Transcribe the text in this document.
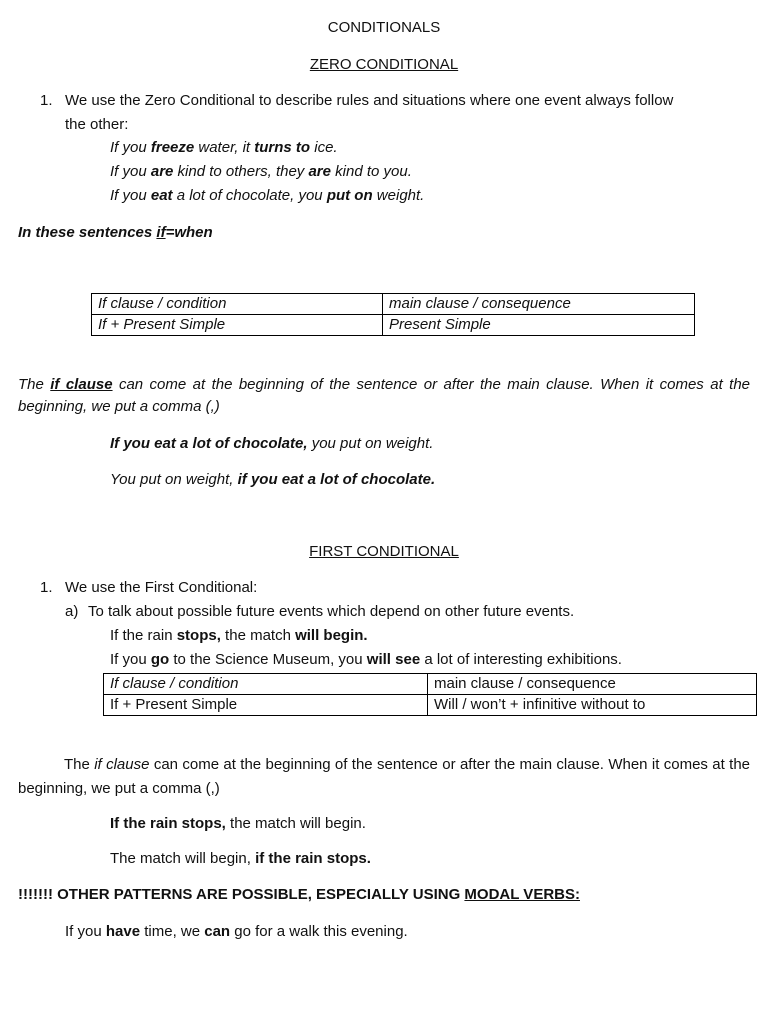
CONDITIONALS
ZERO CONDITIONAL
1. We use the Zero Conditional to describe rules and situations where one event always follow
the other:
If you freeze water, it turns to ice.
If you are kind to others, they are kind to you.
If you eat a lot of chocolate, you put on weight.
In these sentences if=when
If clause / condition	main clause / consequence
If + Present Simple	Present Simple
The if clause can come at the beginning of the sentence or after the main clause. When it comes at the beginning, we put a comma (,)
If you eat a lot of chocolate, you put on weight.
You put on weight, if you eat a lot of chocolate.
FIRST CONDITIONAL
1. We use the First Conditional:
a) To talk about possible future events which depend on other future events.
If the rain stops, the match will begin.
If you go to the Science Museum, you will see a lot of interesting exhibitions.
If clause / condition	main clause / consequence
If + Present Simple	Will / won’t + infinitive without to
The if clause can come at the beginning of the sentence or after the main clause. When it comes at the beginning, we put a comma (,)
If the rain stops, the match will begin.
The match will begin, if the rain stops.
!!!!!!! OTHER PATTERNS ARE POSSIBLE, ESPECIALLY USING MODAL VERBS:
If you have time, we can go for a walk this evening.
